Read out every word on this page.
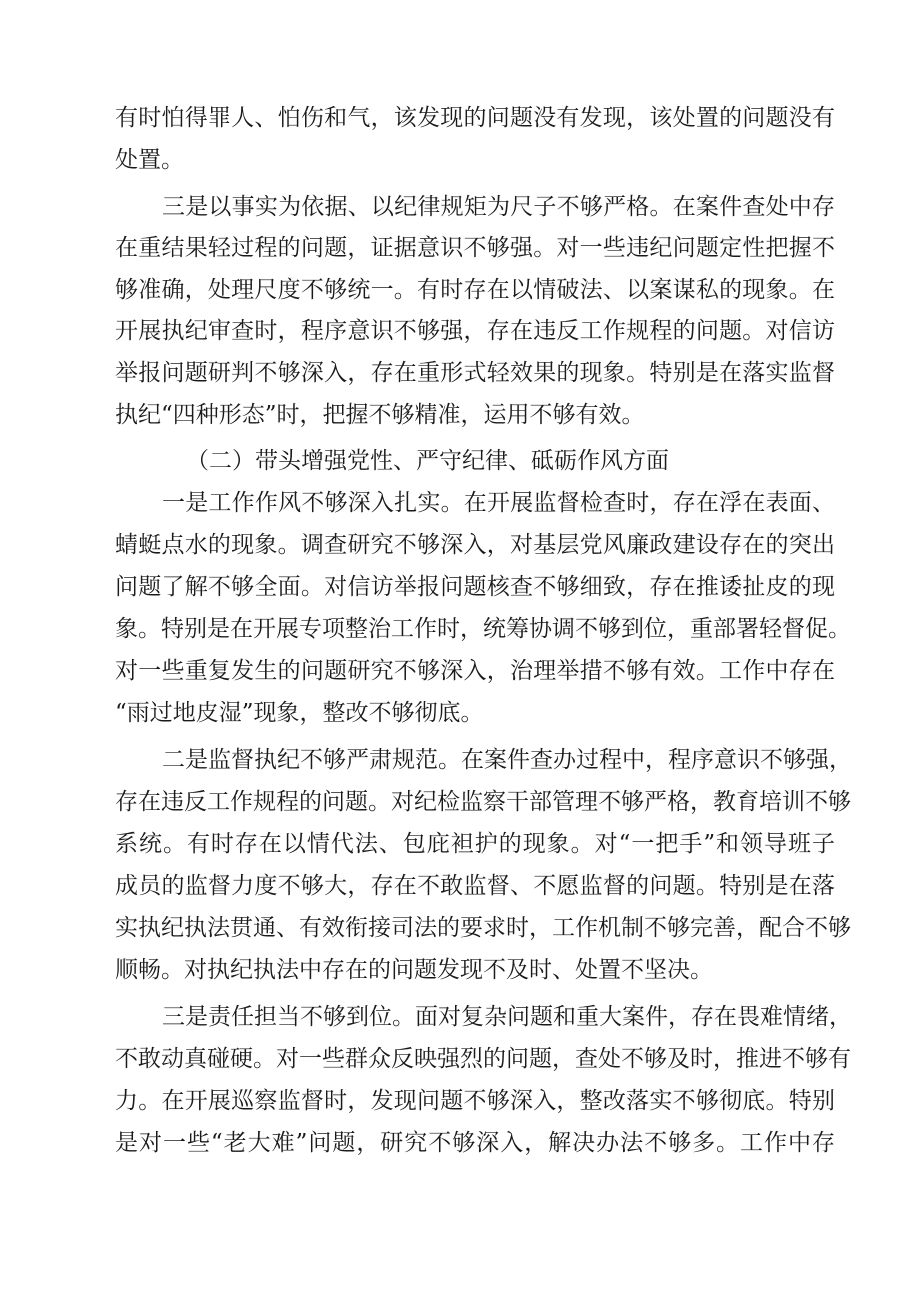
有时怕得罪人、怕伤和气，该发现的问题没有发现，该处置的问题没有
处置。
三是以事实为依据、以纪律规矩为尺子不够严格。在案件查处中存
在重结果轻过程的问题，证据意识不够强。对一些违纪问题定性把握不
够准确，处理尺度不够统一。有时存在以情破法、以案谋私的现象。在
开展执纪审查时，程序意识不够强，存在违反工作规程的问题。对信访
举报问题研判不够深入，存在重形式轻效果的现象。特别是在落实监督
执纪“四种形态”时，把握不够精准，运用不够有效。
（二）带头增强党性、严守纪律、砥砺作风方面
一是工作作风不够深入扎实。在开展监督检查时，存在浮在表面、
蜻蜓点水的现象。调查研究不够深入，对基层党风廉政建设存在的突出
问题了解不够全面。对信访举报问题核查不够细致，存在推诿扯皮的现
象。特别是在开展专项整治工作时，统筹协调不够到位，重部署轻督促。
对一些重复发生的问题研究不够深入，治理举措不够有效。工作中存在
“雨过地皮湿”现象，整改不够彻底。
二是监督执纪不够严肃规范。在案件查办过程中，程序意识不够强，
存在违反工作规程的问题。对纪检监察干部管理不够严格，教育培训不够
系统。有时存在以情代法、包庇袒护的现象。对“一把手”和领导班子
成员的监督力度不够大，存在不敢监督、不愿监督的问题。特别是在落
实执纪执法贯通、有效衔接司法的要求时，工作机制不够完善，配合不够
顺畅。对执纪执法中存在的问题发现不及时、处置不坚决。
三是责任担当不够到位。面对复杂问题和重大案件，存在畏难情绪，
不敢动真碰硬。对一些群众反映强烈的问题，查处不够及时，推进不够有
力。在开展巡察监督时，发现问题不够深入，整改落实不够彻底。特别
是对一些“老大难”问题，研究不够深入，解决办法不够多。工作中存
